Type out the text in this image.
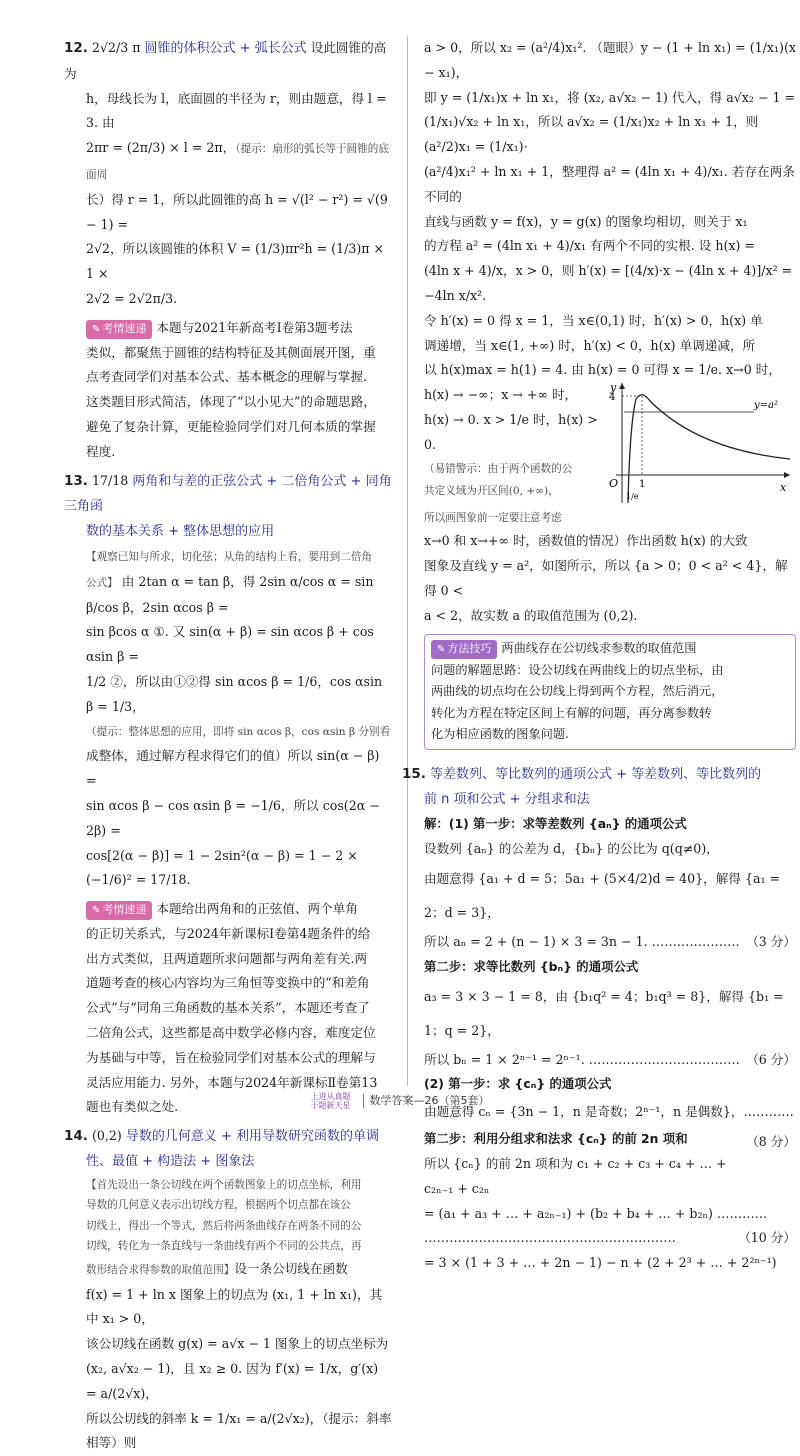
12. 2√2/3 π 圆锥的体积公式 + 弧长公式 设此圆锥的高为

h，母线长为 l，底面圆的半径为 r，则由题意，得 l = 3. 由

2πr = (2π/3) × l = 2π，（提示：扇形的弧长等于圆锥的底面周

长）得 r = 1，所以此圆锥的高 h = √(l² − r²) = √(9 − 1) =

2√2，所以该圆锥的体积 V = (1/3)πr²h = (1/3)π × 1 ×

2√2 = 2√2π/3.

✎ 考情速递 本题与2021年新高考Ⅰ卷第3题考法

类似，都聚焦于圆锥的结构特征及其侧面展开图，重

点考查同学们对基本公式、基本概念的理解与掌握.

这类题目形式简洁，体现了“以小见大”的命题思路，

避免了复杂计算，更能检验同学们对几何本质的掌握

程度.

13. 17/18 两角和与差的正弦公式 + 二倍角公式 + 同角三角函

数的基本关系 + 整体思想的应用

【观察已知与所求，切化弦；从角的结构上看，要用到二倍角

公式】 由 2tan α = tan β，得 2sin α/cos α = sin β/cos β，2sin αcos β =

sin βcos α ①. 又 sin(α + β) = sin αcos β + cos αsin β =

1/2 ②，所以由①②得 sin αcos β = 1/6，cos αsin β = 1/3，

（提示：整体思想的应用，即将 sin αcos β，cos αsin β 分别看

成整体，通过解方程求得它们的值）所以 sin(α − β) =

sin αcos β − cos αsin β = −1/6，所以 cos(2α − 2β) =

cos[2(α − β)] = 1 − 2sin²(α − β) = 1 − 2 × (−1/6)² = 17/18.

✎ 考情速递 本题给出两角和的正弦值、两个单角

的正切关系式，与2024年新课标Ⅰ卷第4题条件的给

出方式类似，且两道题所求问题都与两角差有关.两

道题考查的核心内容均为三角恒等变换中的“和差角

公式”与“同角三角函数的基本关系”，本题还考查了

二倍角公式，这些都是高中数学必修内容，难度定位

为基础与中等，旨在检验同学们对基本公式的理解与

灵活应用能力. 另外，本题与2024年新课标Ⅱ卷第13

题也有类似之处.

14. (0,2) 导数的几何意义 + 利用导数研究函数的单调

性、最值 + 构造法 + 图象法

【首先设出一条公切线在两个函数图象上的切点坐标，利用

导数的几何意义表示出切线方程，根据两个切点都在该公

切线上，得出一个等式，然后将两条曲线存在两条不同的公

切线，转化为一条直线与一条曲线有两个不同的公共点，再

数形结合求得参数的取值范围】设一条公切线在函数

f(x) = 1 + ln x 图象上的切点为 (x₁, 1 + ln x₁)，其中 x₁ > 0，

该公切线在函数 g(x) = a√x − 1 图象上的切点坐标为

(x₂, a√x₂ − 1)，且 x₂ ≥ 0. 因为 f′(x) = 1/x，g′(x) = a/(2√x)，

所以公切线的斜率 k = 1/x₁ = a/(2√x₂)，（提示：斜率相等）则

a > 0，所以 x₂ = (a²/4)x₁². （题眼）y − (1 + ln x₁) = (1/x₁)(x − x₁)，

即 y = (1/x₁)x + ln x₁，将 (x₂, a√x₂ − 1) 代入，得 a√x₂ − 1 =

(1/x₁)√x₂ + ln x₁，所以 a√x₂ = (1/x₁)x₂ + ln x₁ + 1，则 (a²/2)x₁ = (1/x₁)·

(a²/4)x₁² + ln x₁ + 1，整理得 a² = (4ln x₁ + 4)/x₁. 若存在两条不同的

直线与函数 y = f(x)，y = g(x) 的图象均相切，则关于 x₁

的方程 a² = (4ln x₁ + 4)/x₁ 有两个不同的实根. 设 h(x) =

(4ln x + 4)/x，x > 0，则 h′(x) = [(4/x)·x − (4ln x + 4)]/x² = −4ln x/x².

令 h′(x) = 0 得 x = 1，当 x∈(0,1) 时，h′(x) > 0，h(x) 单

调递增，当 x∈(1, +∞) 时，h′(x) < 0，h(x) 单调递减，所

以 h(x)max = h(1) = 4. 由 h(x) = 0 可得 x = 1/e. x→0 时，

h(x) → −∞；x → +∞ 时，

h(x) → 0. x > 1/e 时，h(x) > 0.

（易错警示：由于两个函数的公

共定义域为开区间(0, +∞)，

y
x
O
4
1
1/e
y=a²

所以画图象前一定要注意考虑

x→0 和 x→+∞ 时，函数值的情况）作出函数 h(x) 的大致

图象及直线 y = a²，如图所示，所以 {a > 0；0 < a² < 4}，解得 0 <

a < 2，故实数 a 的取值范围为 (0,2).

✎ 方法技巧 两曲线存在公切线求参数的取值范围

问题的解题思路：设公切线在两曲线上的切点坐标，由

两曲线的切点均在公切线上得到两个方程，然后消元，

转化为方程在特定区间上有解的问题，再分离参数转

化为相应函数的图象问题.

15. 等差数列、等比数列的通项公式 + 等差数列、等比数列的

前 n 项和公式 + 分组求和法

解：(1) 第一步：求等差数列 {aₙ} 的通项公式

设数列 {aₙ} 的公差为 d，{bₙ} 的公比为 q(q≠0)，

由题意得 {a₁ + d = 5；5a₁ + (5×4/2)d = 40}，解得 {a₁ = 2；d = 3}，

所以 aₙ = 2 + (n − 1) × 3 = 3n − 1. ………………… （3 分）

第二步：求等比数列 {bₙ} 的通项公式

a₃ = 3 × 3 − 1 = 8，由 {b₁q² = 4；b₁q³ = 8}，解得 {b₁ = 1；q = 2}，

所以 bₙ = 1 × 2ⁿ⁻¹ = 2ⁿ⁻¹. ……………………………… （6 分）

(2) 第一步：求 {cₙ} 的通项公式

由题意得 cₙ = {3n − 1，n 是奇数；2ⁿ⁻¹，n 是偶数}，…………
（8 分）

第二步：利用分组求和法求 {cₙ} 的前 2n 项和

所以 {cₙ} 的前 2n 项和为 c₁ + c₂ + c₃ + c₄ + … + c₂ₙ₋₁ + c₂ₙ

= (a₁ + a₃ + … + a₂ₙ₋₁) + (b₂ + b₄ + … + b₂ₙ) …………

……………………………………………………	（10 分）

= 3 × (1 + 3 + … + 2n − 1) − n + (2 + 2³ + … + 2²ⁿ⁻¹)

上进从真题
干题新天星 数学答案—26（第5套）
